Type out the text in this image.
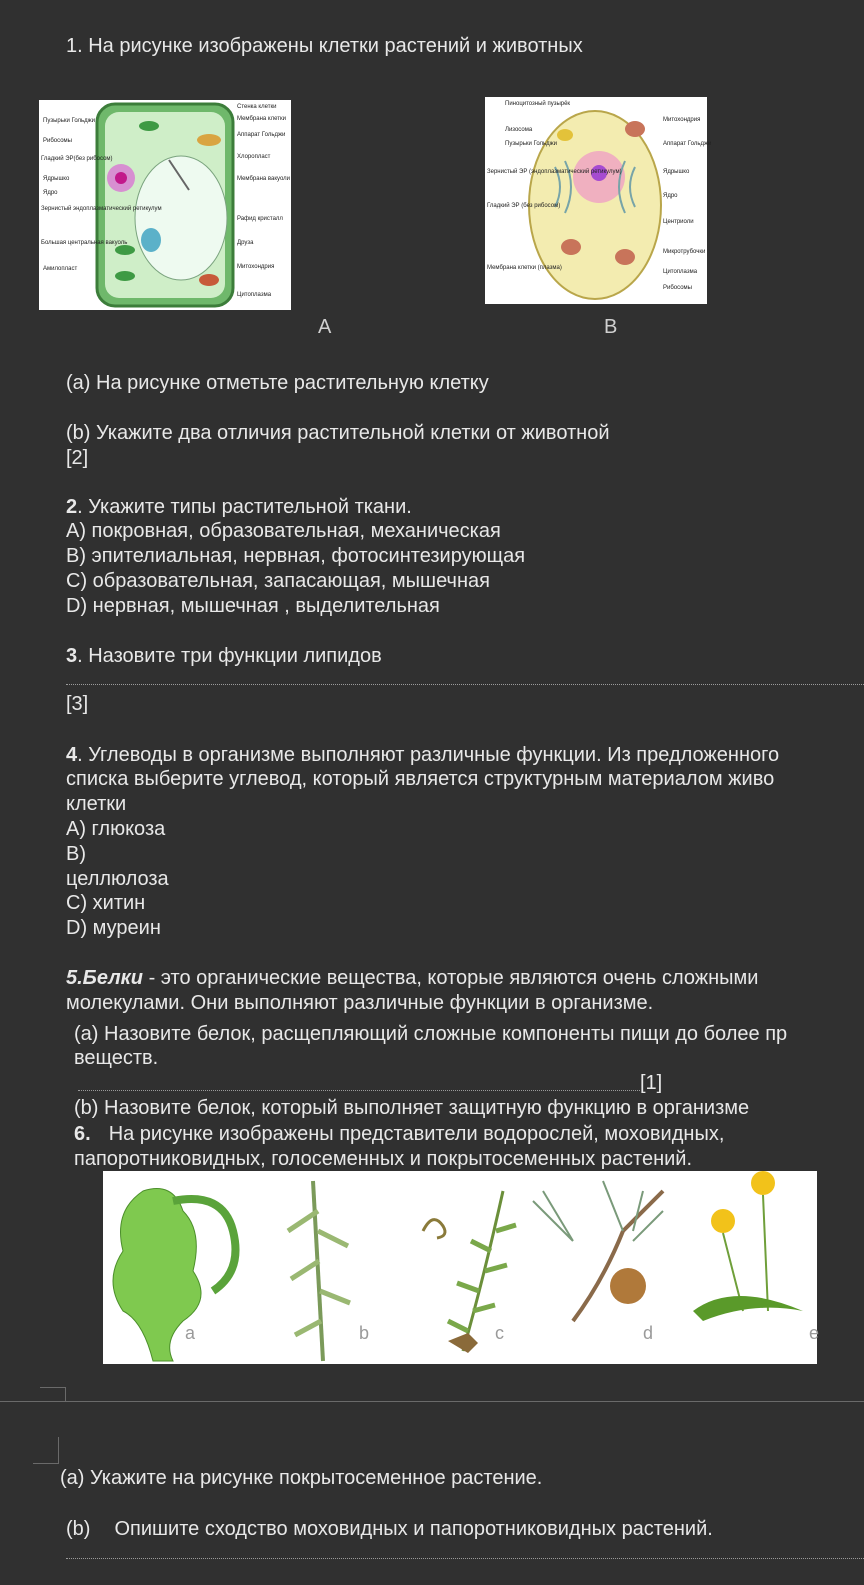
1. На рисунке изображены клетки растений и животных
Пузырьки Гольджи
Рибосомы
Гладкий ЭР(без рибосом)
Ядрышко
Ядро
Зернистый эндоплазматический ретикулум
Большая центральная вакуоль
Амилопласт
Стенка клетки
Мембрана клетки
Аппарат Гольджи
Хлоропласт
Мембрана вакуоли
Рафид кристалл
Друза
Митохондрия
Цитоплазма
Пиноцитозный пузырёк
Лизосома
Пузырьки Гольджи
Зернистый ЭР (эндоплазматический ретикулум)
Гладкий ЭР (без рибосом)
Мембрана клетки (плазма)
Митохондрия
Аппарат Гольджи
Ядрышко
Ядро
Центриоли
Микротрубочки
Цитоплазма
Рибосомы
A	B
(a) На рисунке отметьте растительную клетку
(b) Укажите два отличия растительной клетки от животной
[2]
2. Укажите типы растительной ткани.
A) покровная, образовательная, механическая
B) эпителиальная, нервная, фотосинтезирующая
C) образовательная, запасающая, мышечная
D) нервная, мышечная , выделительная
3. Назовите три функции липидов
[3]
4. Углеводы в организме выполняют различные функции. Из предложенного
списка выберите углевод, который является структурным материалом живо
клетки
A) глюкоза
B)
целлюлоза
C) хитин
D) муреин
5.Белки - это органические вещества, которые являются очень сложными
молекулами. Они выполняют различные функции в организме.
(a) Назовите белок, расщепляющий сложные компоненты пищи до более пр
веществ.
[1]
(b) Назовите белок, который выполняет защитную функцию в организме
6. На рисунке изображены представители водорослей, моховидных,
папоротниковидных, голосеменных и покрытосеменных растений.
a	b	c	d	e
(a) Укажите на рисунке покрытосеменное растение.
(b) Опишите сходство моховидных и папоротниковидных растений.
